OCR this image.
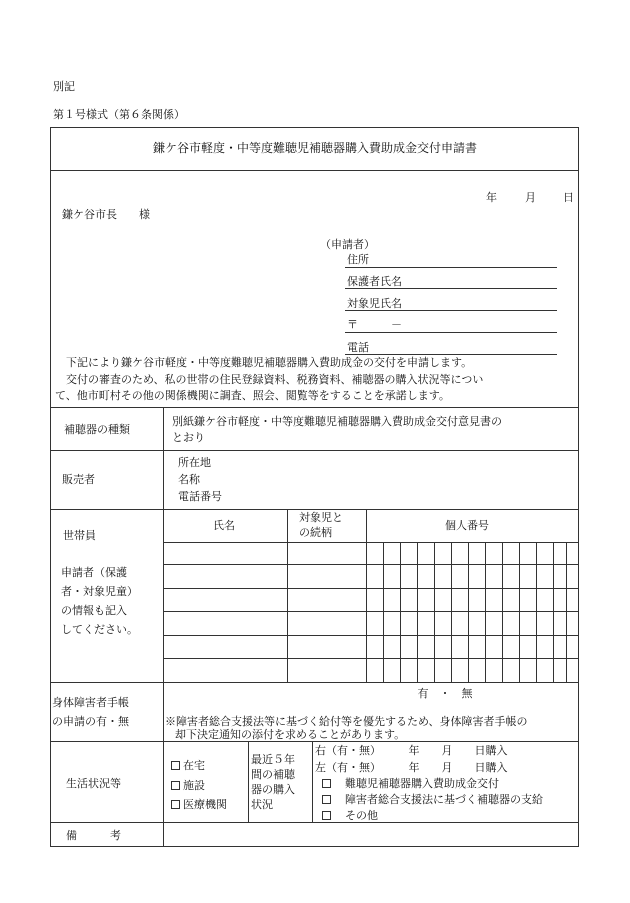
別記
第１号様式（第６条関係）
鎌ケ谷市軽度・中等度難聴児補聴器購入費助成金交付申請書
年	月 日
鎌ケ谷市長　　様
（申請者）
住所
保護者氏名
対象児氏名
〒　　　－
電話
下記により鎌ケ谷市軽度・中等度難聴児補聴器購入費助成金の交付を申請します。
交付の審査のため、私の世帯の住民登録資料、税務資料、補聴器の購入状況等につい
て、他市町村その他の関係機関に調査、照会、閲覧等をすることを承諾します。
補聴器の種類
別紙鎌ケ谷市軽度・中等度難聴児補聴器購入費助成金交付意見書の
とおり
販売者
所在地
名称
電話番号
世帯員
申請者（保護
者・対象児童）
の情報も記入
してください。
氏名
対象児と
の続柄
個人番号
身体障害者手帳
の申請の有・無
有　・　無
※障害者総合支援法等に基づく給付等を優先するため、身体障害者手帳の
却下決定通知の添付を求めることがあります。
生活状況等
在宅
施設
医療機関
最近５年
間の補聴
器の購入
状況
右（有・無）　　　年　　月　　日購入
左（有・無）　　　年　　月　　日購入
　難聴児補聴器購入費助成金交付
　障害者総合支援法に基づく補聴器の支給
　その他
備　　　考
